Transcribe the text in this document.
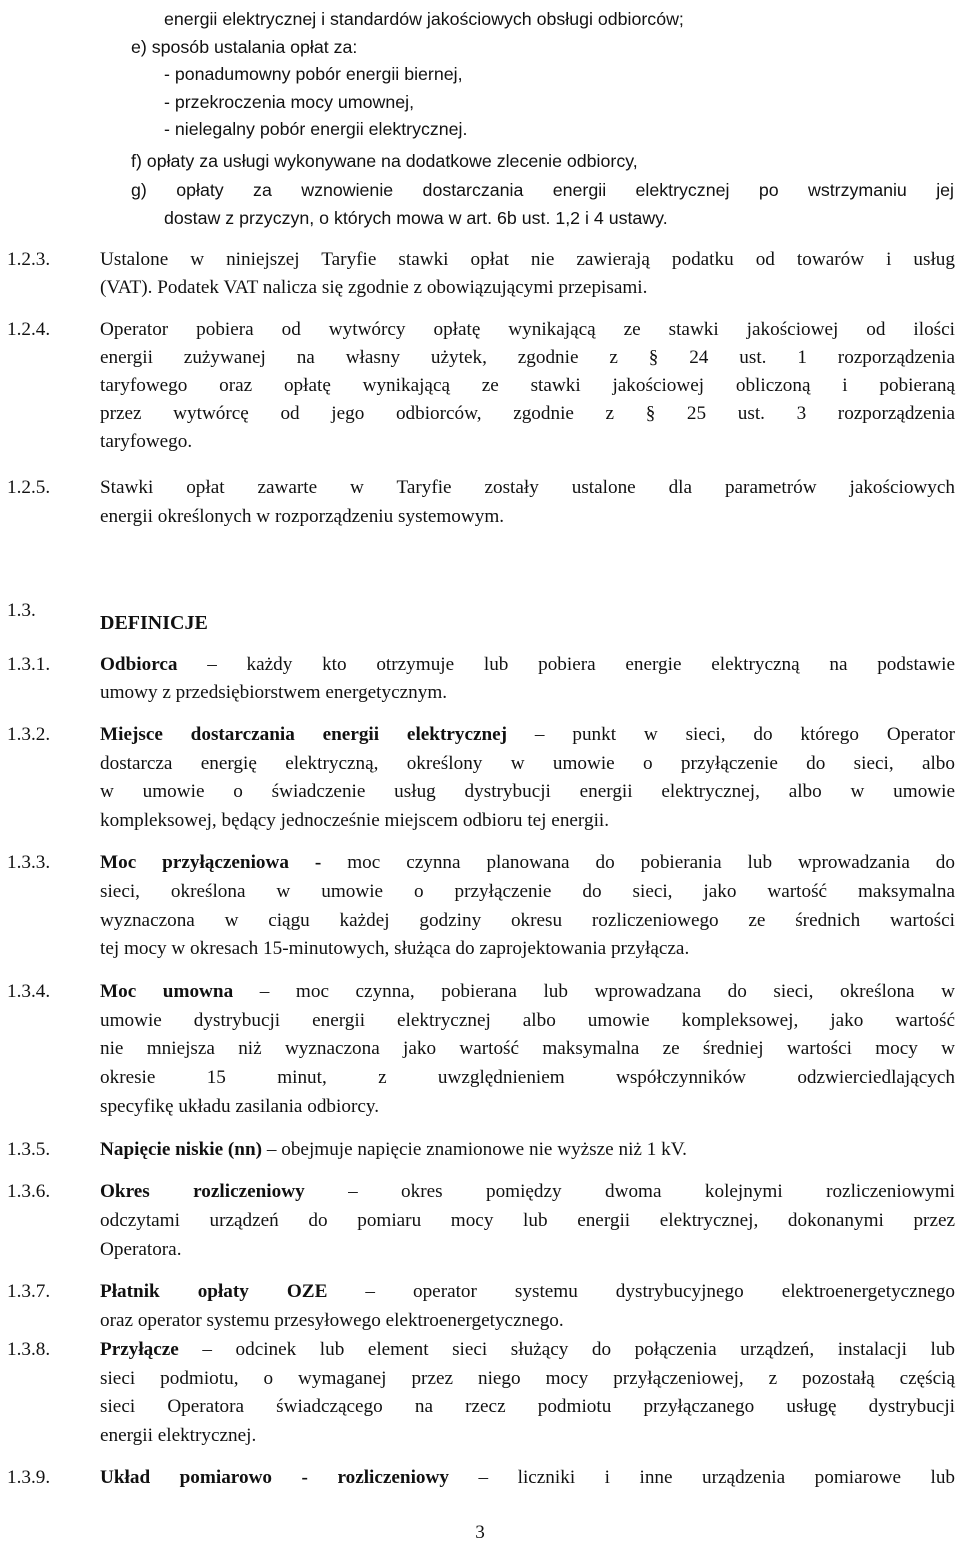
energii elektrycznej i standardów jakościowych obsługi odbiorców;
e) sposób ustalania opłat za:
- ponadumowny pobór energii biernej,
- przekroczenia mocy umownej,
- nielegalny pobór energii elektrycznej.
f) opłaty za usługi wykonywane na dodatkowe zlecenie odbiorcy,
g) opłaty za wznowienie dostarczania energii elektrycznej po wstrzymaniu jej
dostaw z przyczyn, o których mowa w art. 6b ust. 1,2 i 4 ustawy.
1.2.3.	Ustalone w niniejszej Taryfie stawki opłat nie zawierają podatku od towarów i usług
(VAT). Podatek VAT nalicza się zgodnie z obowiązującymi przepisami.
1.2.4.	Operator pobiera od wytwórcy opłatę wynikającą ze stawki jakościowej od ilości
energii zużywanej na własny użytek, zgodnie z § 24 ust. 1 rozporządzenia
taryfowego oraz opłatę wynikającą ze stawki jakościowej obliczoną i pobieraną
przez wytwórcę od jego odbiorców, zgodnie z § 25 ust. 3 rozporządzenia
taryfowego.
1.2.5.	Stawki opłat zawarte w Taryfie zostały ustalone dla parametrów jakościowych
energii określonych w rozporządzeniu systemowym.
1.3.
DEFINICJE
1.3.1.	Odbiorca – każdy kto otrzymuje lub pobiera energie elektryczną na podstawie
umowy z przedsiębiorstwem energetycznym.
1.3.2.	Miejsce dostarczania energii elektrycznej – punkt w sieci, do którego Operator
dostarcza energię elektryczną, określony w umowie o przyłączenie do sieci, albo
w umowie o świadczenie usług dystrybucji energii elektrycznej, albo w umowie
kompleksowej, będący jednocześnie miejscem odbioru tej energii.
1.3.3.	Moc przyłączeniowa - moc czynna planowana do pobierania lub wprowadzania do
sieci, określona w umowie o przyłączenie do sieci, jako wartość maksymalna
wyznaczona w ciągu każdej godziny okresu rozliczeniowego ze średnich wartości
tej mocy w okresach 15-minutowych, służąca do zaprojektowania przyłącza.
1.3.4.	Moc umowna – moc czynna, pobierana lub wprowadzana do sieci, określona w
umowie dystrybucji energii elektrycznej albo umowie kompleksowej, jako wartość
nie mniejsza niż wyznaczona jako wartość maksymalna ze średniej wartości mocy w
okresie 15 minut, z uwzględnieniem współczynników odzwierciedlających
specyfikę układu zasilania odbiorcy.
1.3.5.	Napięcie niskie (nn) – obejmuje napięcie znamionowe nie wyższe niż 1 kV.
1.3.6.	Okres rozliczeniowy – okres pomiędzy dwoma kolejnymi rozliczeniowymi
odczytami urządzeń do pomiaru mocy lub energii elektrycznej, dokonanymi przez
Operatora.
1.3.7.	Płatnik opłaty OZE – operator systemu dystrybucyjnego elektroenergetycznego
oraz operator systemu przesyłowego elektroenergetycznego.
1.3.8.	Przyłącze – odcinek lub element sieci służący do połączenia urządzeń, instalacji lub
sieci podmiotu, o wymaganej przez niego mocy przyłączeniowej, z pozostałą częścią
sieci Operatora świadczącego na rzecz podmiotu przyłączanego usługę dystrybucji
energii elektrycznej.
1.3.9.	Układ pomiarowo - rozliczeniowy – liczniki i inne urządzenia pomiarowe lub
3
